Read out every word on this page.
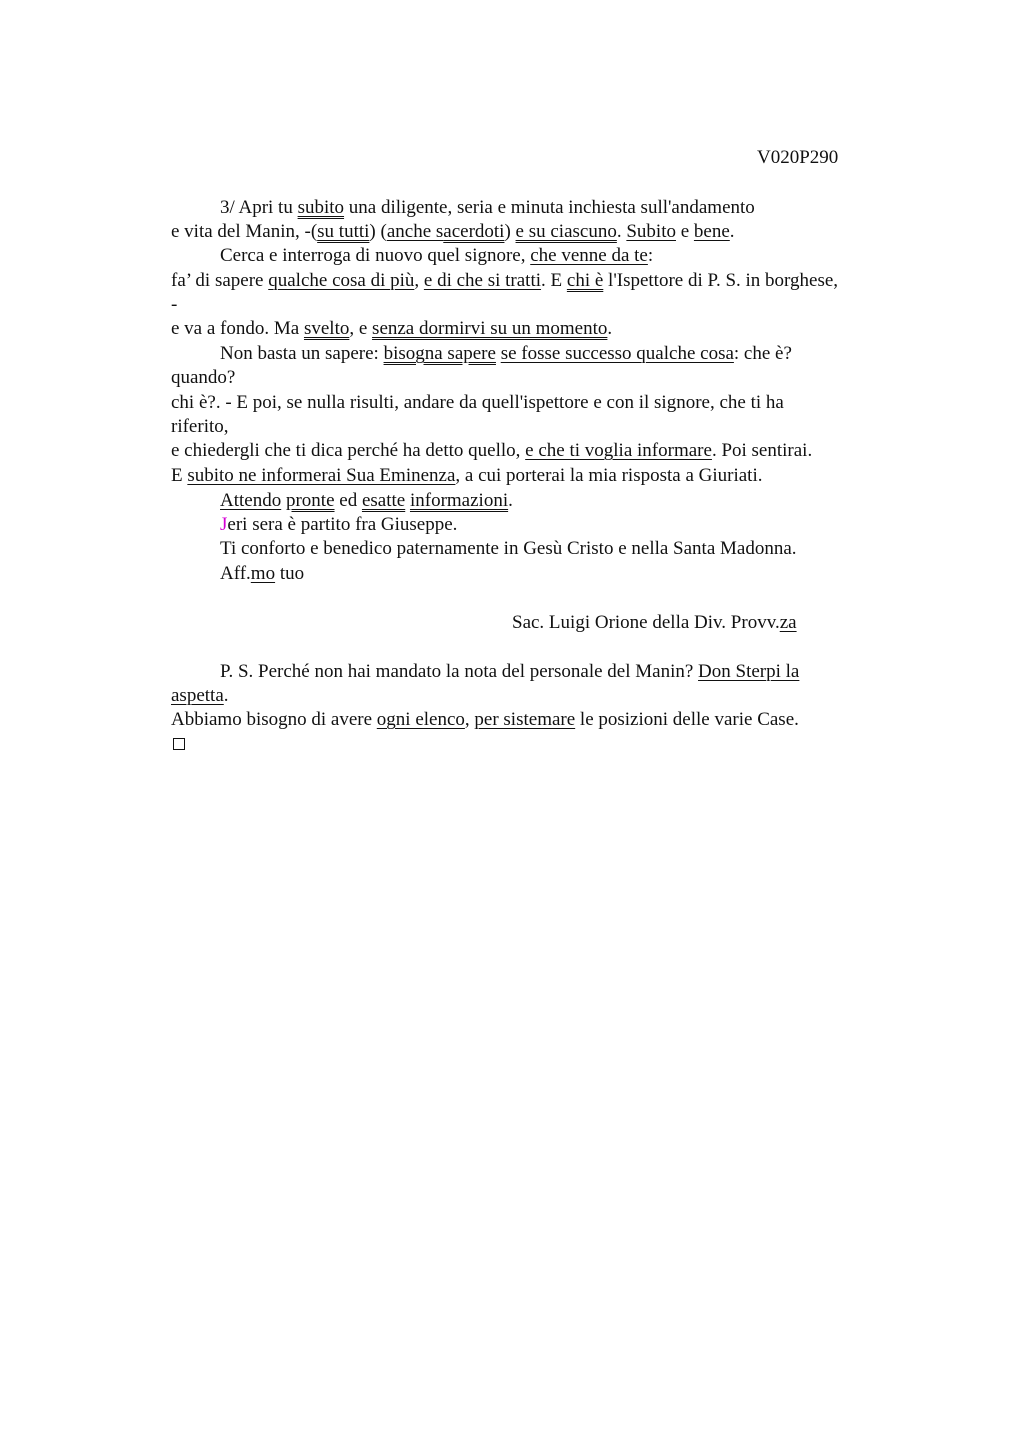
V020P290
3/ Apri tu subito una diligente, seria e minuta inchiesta sull'andamento
e vita del Manin, -(su tutti) (anche sacerdoti) e su ciascuno. Subito e bene.
Cerca e interroga di nuovo quel signore, che venne da te:
fa’ di sapere qualche cosa di più, e di che si tratti. E chi è l'Ispettore di P. S. in borghese,
-
e va a fondo. Ma svelto, e senza dormirvi su un momento.
Non basta un sapere: bisogna sapere se fosse successo qualche cosa: che è?
quando?
chi è?. - E poi, se nulla risulti, andare da quell'ispettore e con il signore, che ti ha
riferito,
e chiedergli che ti dica perché ha detto quello, e che ti voglia informare. Poi sentirai.
E subito ne informerai Sua Eminenza, a cui porterai la mia risposta a Giuriati.
Attendo pronte ed esatte informazioni.
Jeri sera è partito fra Giuseppe.
Ti conforto e benedico paternamente in Gesù Cristo e nella Santa Madonna.
Aff.mo tuo
Sac. Luigi Orione della Div. Provv.za
P. S. Perché non hai mandato la nota del personale del Manin? Don Sterpi la
aspetta.
Abbiamo bisogno di avere ogni elenco, per sistemare le posizioni delle varie Case.
